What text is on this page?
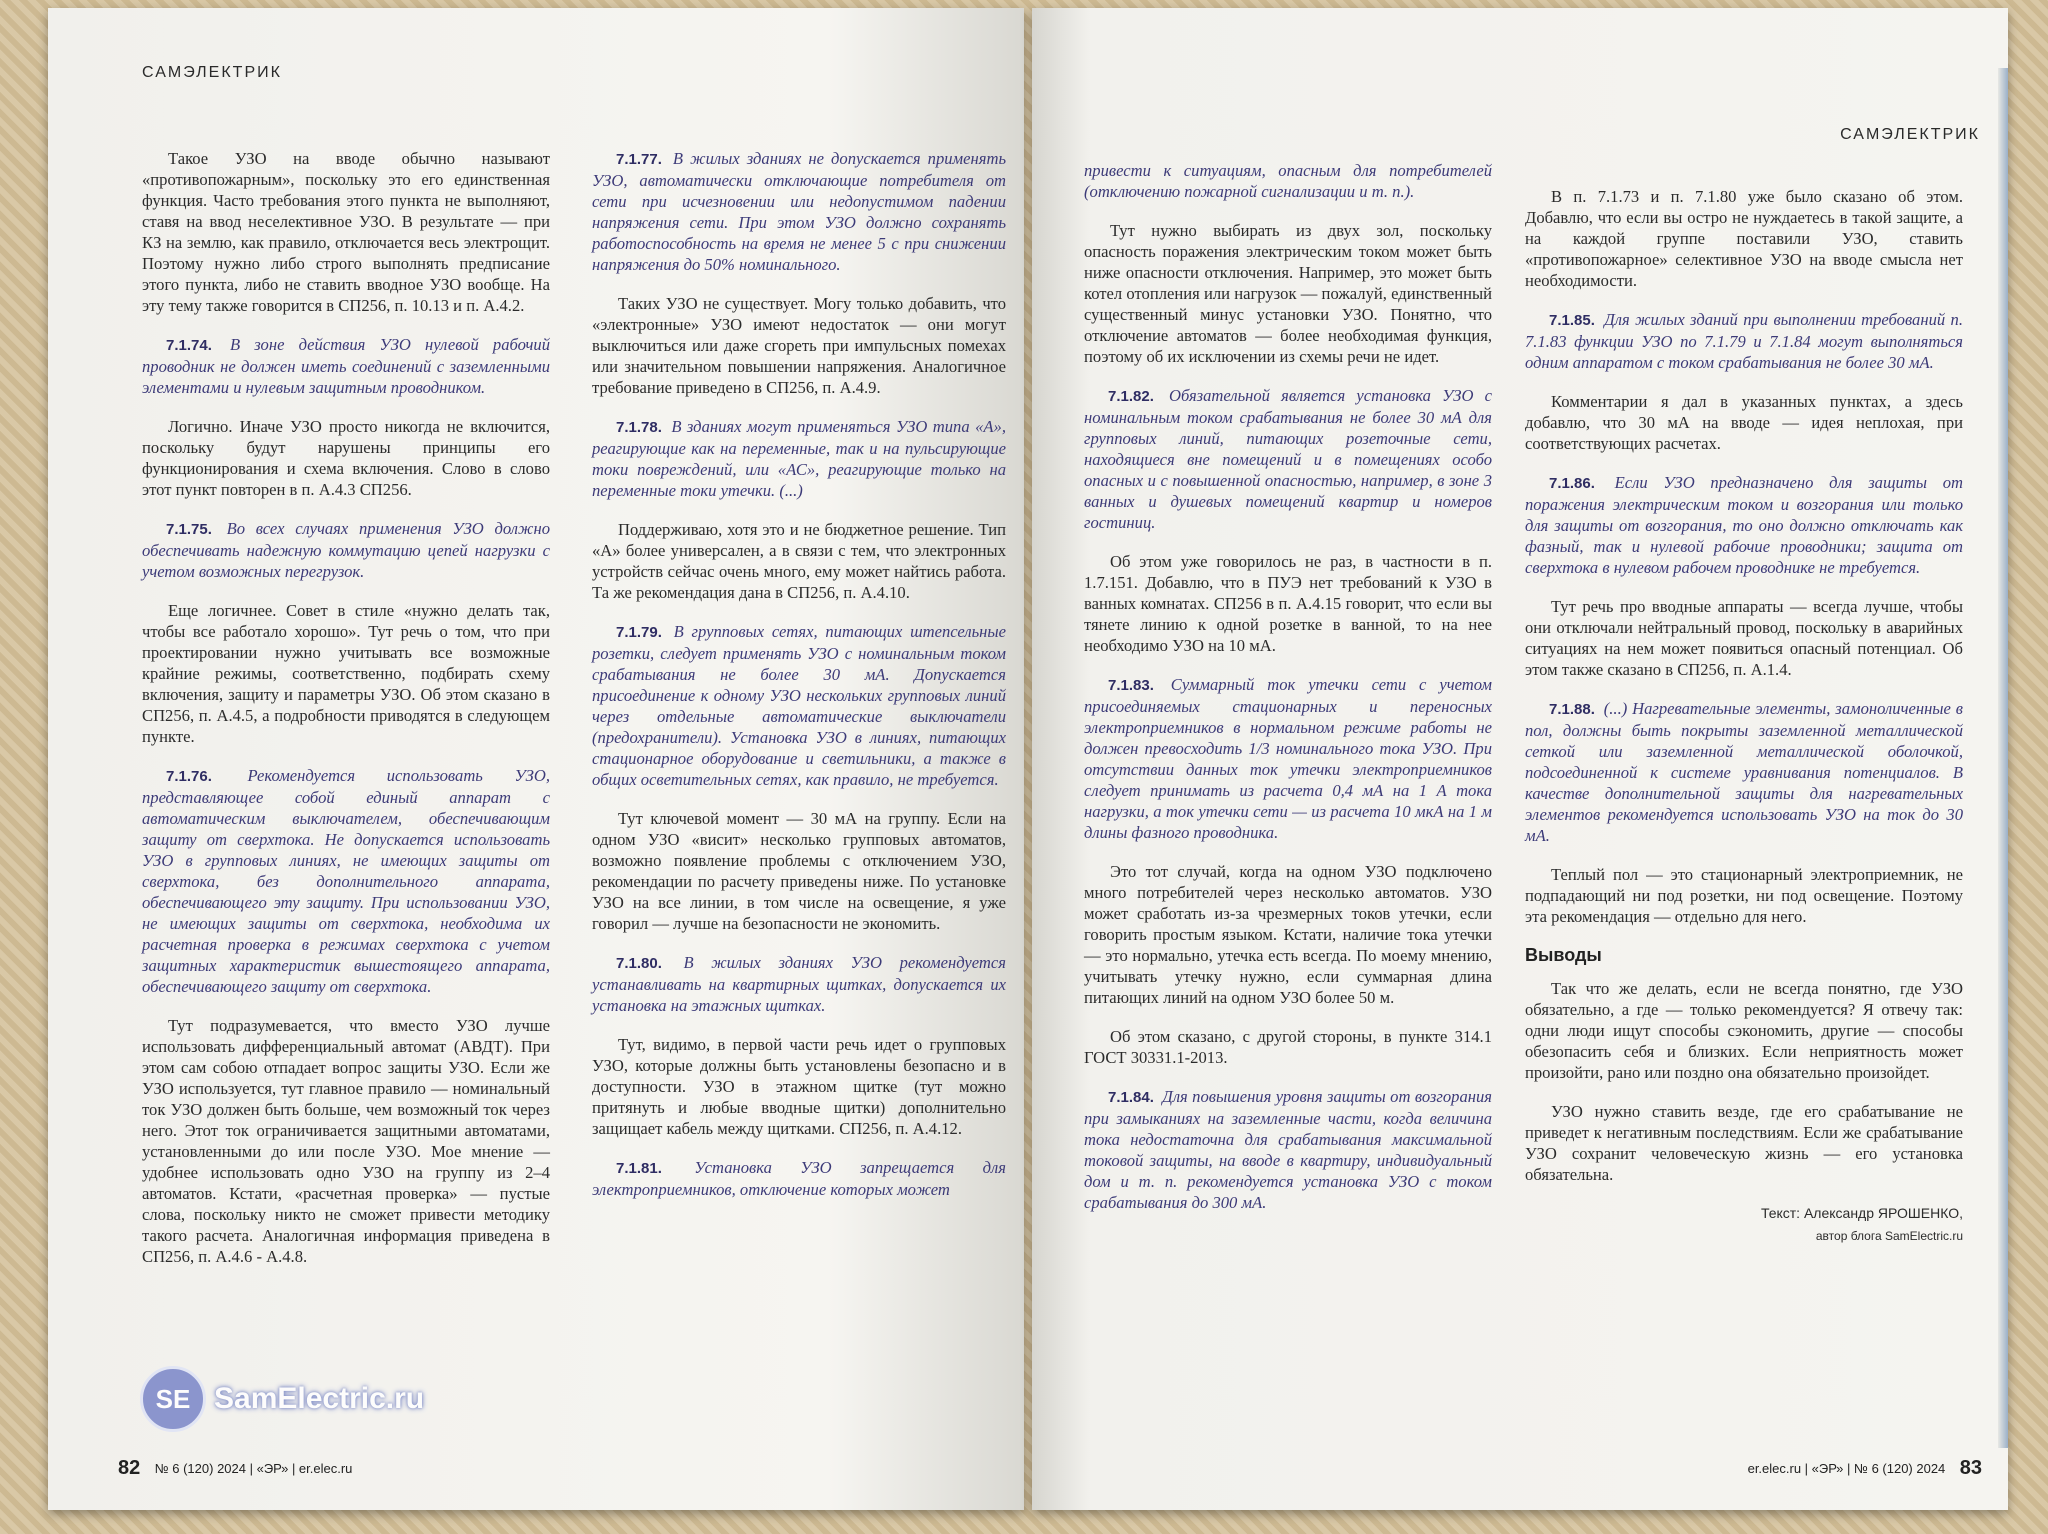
САМЭЛЕКТРИК

Такое УЗО на вводе обычно называют «противопожарным», поскольку это его единственная функция. Часто требования этого пункта не выполняют, ставя на ввод неселективное УЗО. В результате — при КЗ на землю, как правило, отключается весь электрощит. Поэтому нужно либо строго выполнять предписание этого пункта, либо не ставить вводное УЗО вообще. На эту тему также говорится в СП256, п. 10.13 и п. А.4.2.

7.1.74. В зоне действия УЗО нулевой рабочий проводник не должен иметь соединений с заземленными элементами и нулевым защитным проводником.

Логично. Иначе УЗО просто никогда не включится, поскольку будут нарушены принципы его функционирования и схема включения. Слово в слово этот пункт повторен в п. А.4.3 СП256.

7.1.75. Во всех случаях применения УЗО должно обеспечивать надежную коммутацию цепей нагрузки с учетом возможных перегрузок.

Еще логичнее. Совет в стиле «нужно делать так, чтобы все работало хорошо». Тут речь о том, что при проектировании нужно учитывать все возможные крайние режимы, соответственно, подбирать схему включения, защиту и параметры УЗО. Об этом сказано в СП256, п. А.4.5, а подробности приводятся в следующем пункте.

7.1.76. Рекомендуется использовать УЗО, представляющее собой единый аппарат с автоматическим выключателем, обеспечивающим защиту от сверхтока. Не допускается использовать УЗО в групповых линиях, не имеющих защиты от сверхтока, без дополнительного аппарата, обеспечивающего эту защиту. При использовании УЗО, не имеющих защиты от сверхтока, необходима их расчетная проверка в режимах сверхтока с учетом защитных характеристик вышестоящего аппарата, обеспечивающего защиту от сверхтока.

Тут подразумевается, что вместо УЗО лучше использовать дифференциальный автомат (АВДТ). При этом сам собою отпадает вопрос защиты УЗО. Если же УЗО используется, тут главное правило — номинальный ток УЗО должен быть больше, чем возможный ток через него. Этот ток ограничивается защитными автоматами, установленными до или после УЗО. Мое мнение — удобнее использовать одно УЗО на группу из 2–4 автоматов. Кстати, «расчетная проверка» — пустые слова, поскольку никто не сможет привести методику такого расчета. Аналогичная информация приведена в СП256, п. А.4.6 - А.4.8.

7.1.77. В жилых зданиях не допускается применять УЗО, автоматически отключающие потребителя от сети при исчезновении или недопустимом падении напряжения сети. При этом УЗО должно сохранять работоспособность на время не менее 5 с при снижении напряжения до 50% номинального.

Таких УЗО не существует. Могу только добавить, что «электронные» УЗО имеют недостаток — они могут выключиться или даже сгореть при импульсных помехах или значительном повышении напряжения. Аналогичное требование приведено в СП256, п. А.4.9.

7.1.78. В зданиях могут применяться УЗО типа «А», реагирующие как на переменные, так и на пульсирующие токи повреждений, или «АС», реагирующие только на переменные токи утечки. (...)

Поддерживаю, хотя это и не бюджетное решение. Тип «А» более универсален, а в связи с тем, что электронных устройств сейчас очень много, ему может найтись работа. Та же рекомендация дана в СП256, п. А.4.10.

7.1.79. В групповых сетях, питающих штепсельные розетки, следует применять УЗО с номинальным током срабатывания не более 30 мА. Допускается присоединение к одному УЗО нескольких групповых линий через отдельные автоматические выключатели (предохранители). Установка УЗО в линиях, питающих стационарное оборудование и светильники, а также в общих осветительных сетях, как правило, не требуется.

Тут ключевой момент — 30 мА на группу. Если на одном УЗО «висит» несколько групповых автоматов, возможно появление проблемы с отключением УЗО, рекомендации по расчету приведены ниже. По установке УЗО на все линии, в том числе на освещение, я уже говорил — лучше на безопасности не экономить.

7.1.80. В жилых зданиях УЗО рекомендуется устанавливать на квартирных щитках, допускается их установка на этажных щитках.

Тут, видимо, в первой части речь идет о групповых УЗО, которые должны быть установлены безопасно и в доступности. УЗО в этажном щитке (тут можно притянуть и любые вводные щитки) дополнительно защищает кабель между щитками. СП256, п. А.4.12.

7.1.81. Установка УЗО запрещается для электроприемников, отключение которых может

82 № 6 (120) 2024 | «ЭР» | er.elec.ru
САМЭЛЕКТРИК

привести к ситуациям, опасным для потребителей (отключению пожарной сигнализации и т. п.).

Тут нужно выбирать из двух зол, поскольку опасность поражения электрическим током может быть ниже опасности отключения. Например, это может быть котел отопления или нагрузок — пожалуй, единственный существенный минус установки УЗО. Понятно, что отключение автоматов — более необходимая функция, поэтому об их исключении из схемы речи не идет.

7.1.82. Обязательной является установка УЗО с номинальным током срабатывания не более 30 мА для групповых линий, питающих розеточные сети, находящиеся вне помещений и в помещениях особо опасных и с повышенной опасностью, например, в зоне 3 ванных и душевых помещений квартир и номеров гостиниц.

Об этом уже говорилось не раз, в частности в п. 1.7.151. Добавлю, что в ПУЭ нет требований к УЗО в ванных комнатах. СП256 в п. А.4.15 говорит, что если вы тянете линию к одной розетке в ванной, то на нее необходимо УЗО на 10 мА.

7.1.83. Суммарный ток утечки сети с учетом присоединяемых стационарных и переносных электроприемников в нормальном режиме работы не должен превосходить 1/3 номинального тока УЗО. При отсутствии данных ток утечки электроприемников следует принимать из расчета 0,4 мА на 1 А тока нагрузки, а ток утечки сети — из расчета 10 мкА на 1 м длины фазного проводника.

Это тот случай, когда на одном УЗО подключено много потребителей через несколько автоматов. УЗО может сработать из-за чрезмерных токов утечки, если говорить простым языком. Кстати, наличие тока утечки — это нормально, утечка есть всегда. По моему мнению, учитывать утечку нужно, если суммарная длина питающих линий на одном УЗО более 50 м.

Об этом сказано, с другой стороны, в пункте 314.1 ГОСТ 30331.1-2013.

7.1.84. Для повышения уровня защиты от возгорания при замыканиях на заземленные части, когда величина тока недостаточна для срабатывания максимальной токовой защиты, на вводе в квартиру, индивидуальный дом и т. п. рекомендуется установка УЗО с током срабатывания до 300 мА.

В п. 7.1.73 и п. 7.1.80 уже было сказано об этом. Добавлю, что если вы остро не нуждаетесь в такой защите, а на каждой группе поставили УЗО, ставить «противопожарное» селективное УЗО на вводе смысла нет необходимости.

7.1.85. Для жилых зданий при выполнении требований п. 7.1.83 функции УЗО по 7.1.79 и 7.1.84 могут выполняться одним аппаратом с током срабатывания не более 30 мА.

Комментарии я дал в указанных пунктах, а здесь добавлю, что 30 мА на вводе — идея неплохая, при соответствующих расчетах.

7.1.86. Если УЗО предназначено для защиты от поражения электрическим током и возгорания или только для защиты от возгорания, то оно должно отключать как фазный, так и нулевой рабочие проводники; защита от сверхтока в нулевом рабочем проводнике не требуется.

Тут речь про вводные аппараты — всегда лучше, чтобы они отключали нейтральный провод, поскольку в аварийных ситуациях на нем может появиться опасный потенциал. Об этом также сказано в СП256, п. А.1.4.

7.1.88. (...) Нагревательные элементы, замоноличенные в пол, должны быть покрыты заземленной металлической сеткой или заземленной металлической оболочкой, подсоединенной к системе уравнивания потенциалов. В качестве дополнительной защиты для нагревательных элементов рекомендуется использовать УЗО на ток до 30 мА.

Теплый пол — это стационарный электроприемник, не подпадающий ни под розетки, ни под освещение. Поэтому эта рекомендация — отдельно для него.

Выводы

Так что же делать, если не всегда понятно, где УЗО обязательно, а где — только рекомендуется? Я отвечу так: одни люди ищут способы сэкономить, другие — способы обезопасить себя и близких. Если неприятность может произойти, рано или поздно она обязательно произойдет.

УЗО нужно ставить везде, где его срабатывание не приведет к негативным последствиям. Если же срабатывание УЗО сохранит человеческую жизнь — его установка обязательна.

Текст: Александр ЯРОШЕНКО,

автор блога SamElectric.ru

er.elec.ru | «ЭР» | № 6 (120) 2024 83
SE SamElectric.ru
